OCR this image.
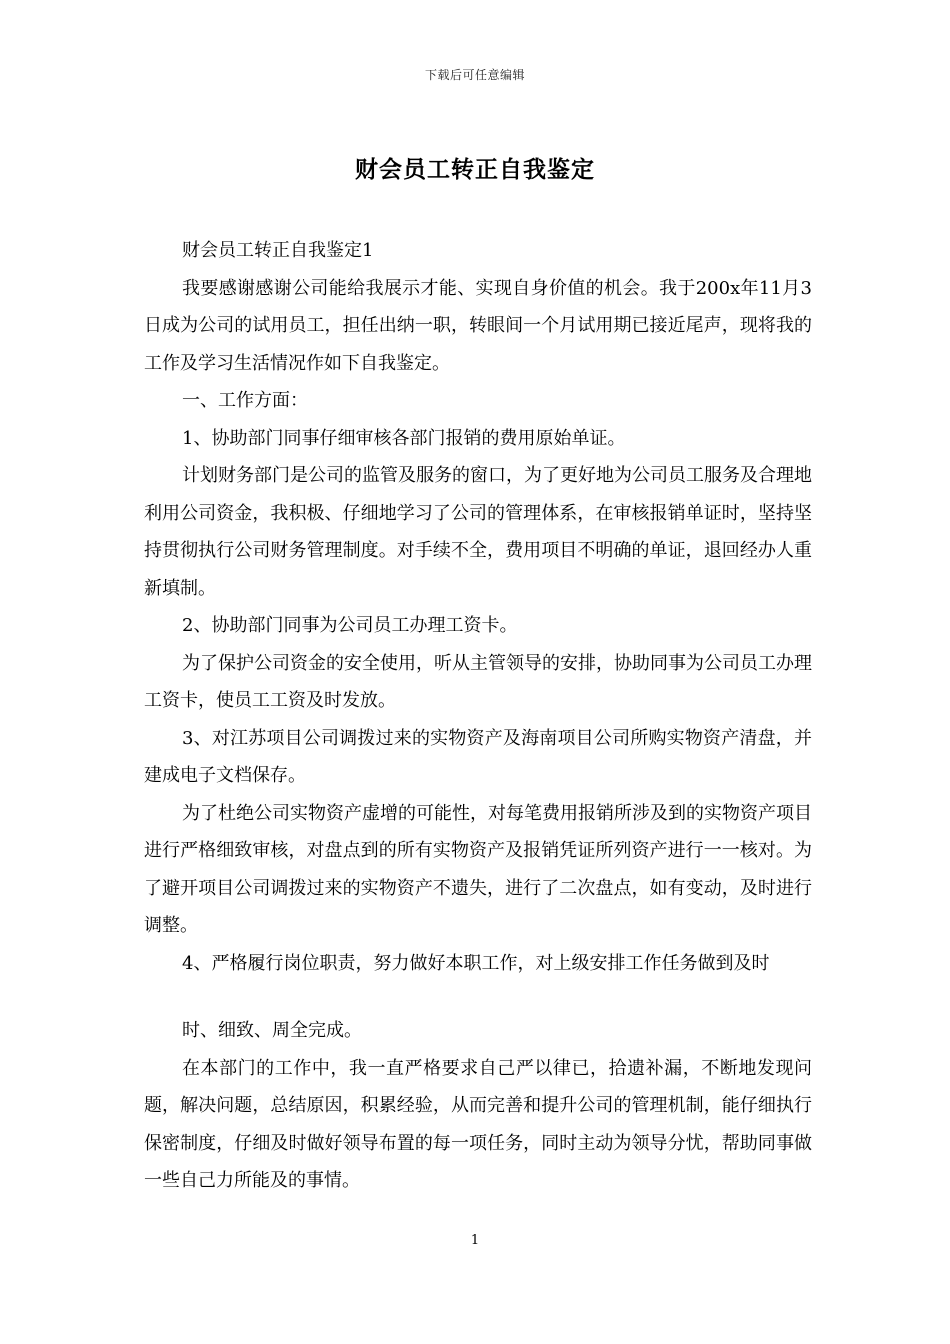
下载后可任意编辑
财会员工转正自我鉴定

财会员工转正自我鉴定1

我要感谢感谢公司能给我展示才能、实现自身价值的机会。我于200x年11月3日成为公司的试用员工，担任出纳一职，转眼间一个月试用期已接近尾声，现将我的工作及学习生活情况作如下自我鉴定。

一、工作方面：

1、协助部门同事仔细审核各部门报销的费用原始单证。

计划财务部门是公司的监管及服务的窗口，为了更好地为公司员工服务及合理地利用公司资金，我积极、仔细地学习了公司的管理体系，在审核报销单证时，坚持坚持贯彻执行公司财务管理制度。对手续不全，费用项目不明确的单证，退回经办人重新填制。

2、协助部门同事为公司员工办理工资卡。

为了保护公司资金的安全使用，听从主管领导的安排，协助同事为公司员工办理工资卡，使员工工资及时发放。

3、对江苏项目公司调拨过来的实物资产及海南项目公司所购实物资产清盘，并建成电子文档保存。

为了杜绝公司实物资产虚增的可能性，对每笔费用报销所涉及到的实物资产项目进行严格细致审核，对盘点到的所有实物资产及报销凭证所列资产进行一一核对。为了避开项目公司调拨过来的实物资产不遗失，进行了二次盘点，如有变动，及时进行调整。

4、严格履行岗位职责，努力做好本职工作，对上级安排工作任务做到及时

时、细致、周全完成。

在本部门的工作中，我一直严格要求自己严以律已，拾遗补漏，不断地发现问题，解决问题，总结原因，积累经验，从而完善和提升公司的管理机制，能仔细执行保密制度，仔细及时做好领导布置的每一项任务，同时主动为领导分忧，帮助同事做一些自己力所能及的事情。

1
